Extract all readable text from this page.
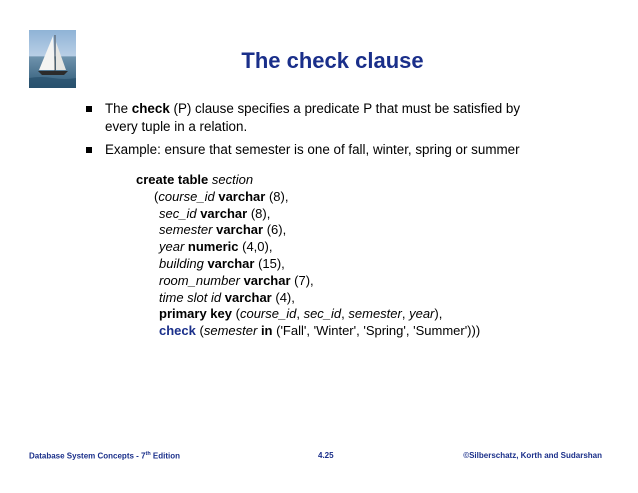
The check clause
The check (P) clause specifies a predicate P that must be satisfied by every tuple in a relation.
Example: ensure that semester is one of fall, winter, spring or summer
create table section
(course_id varchar (8),
sec_id varchar (8),
semester varchar (6),
year numeric (4,0),
building varchar (15),
room_number varchar (7),
time slot id varchar (4),
primary key (course_id, sec_id, semester, year),
check (semester in ('Fall', 'Winter', 'Spring', 'Summer')))
Database System Concepts - 7th Edition	4.25	©Silberschatz, Korth and Sudarshan
